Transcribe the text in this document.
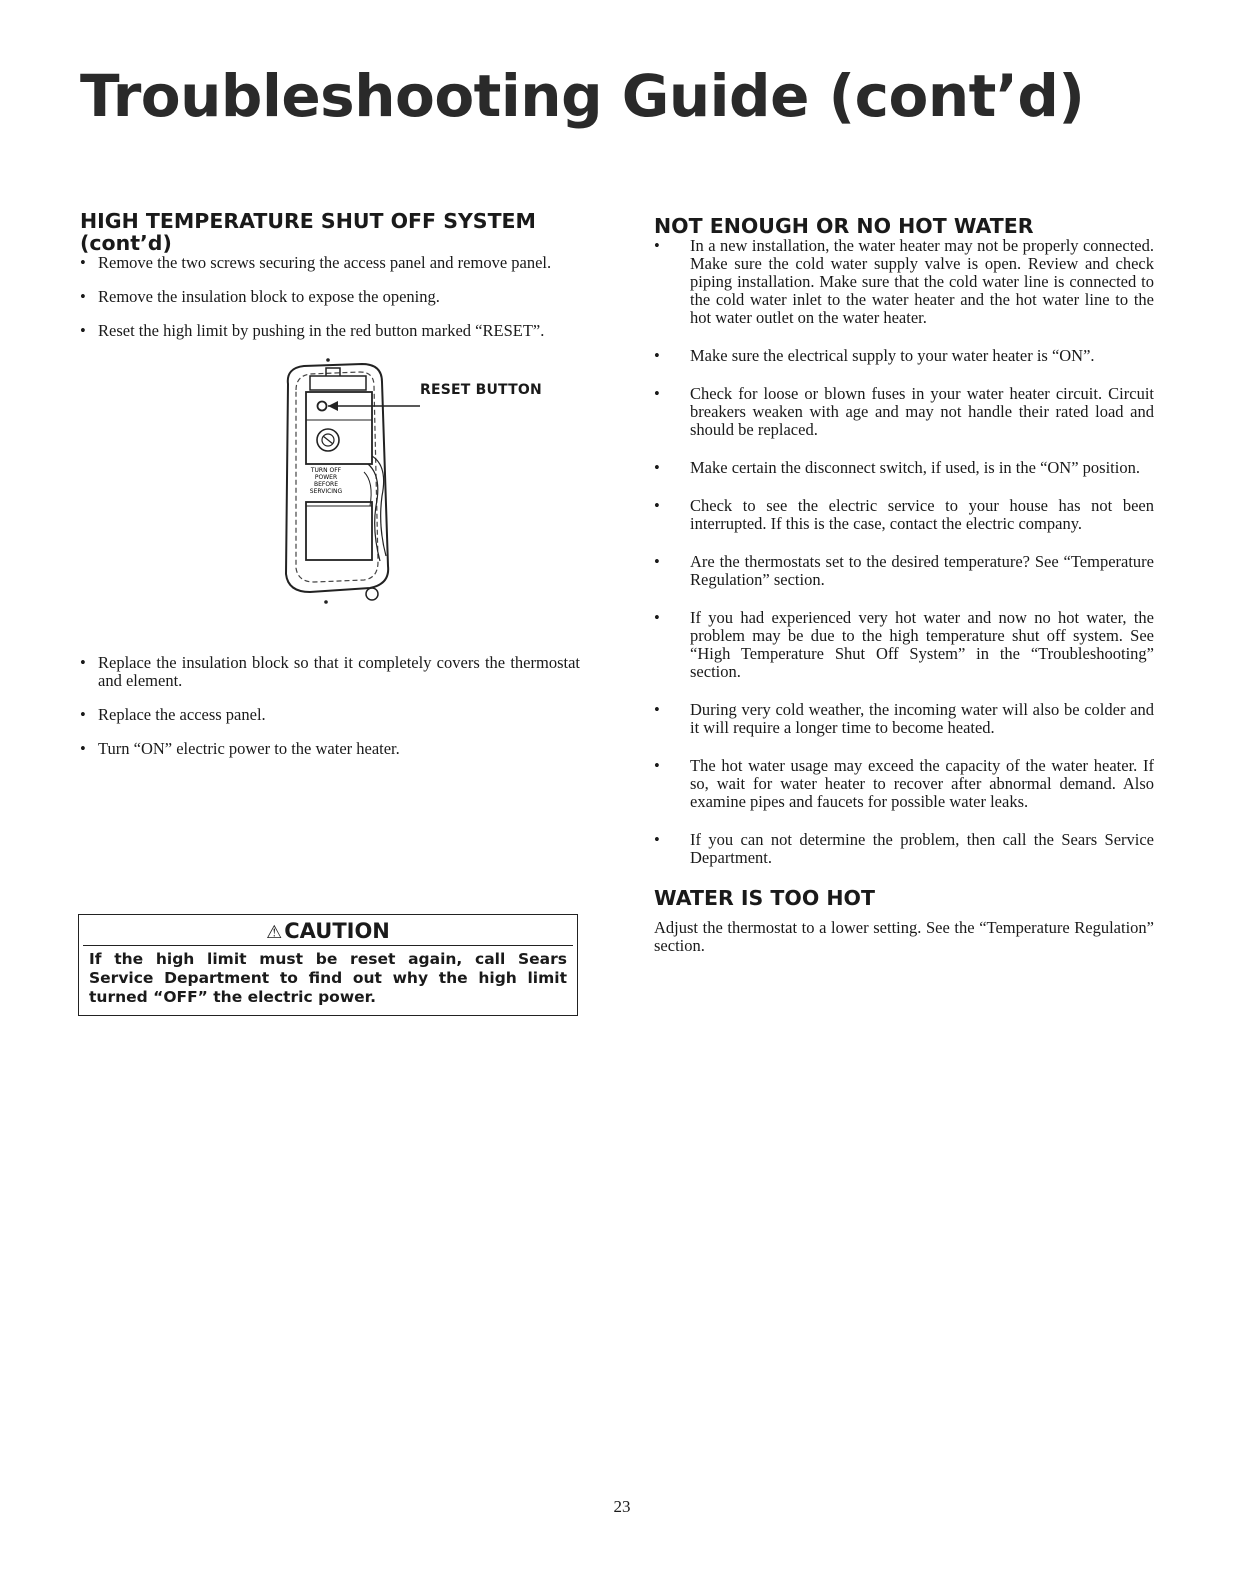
Troubleshooting Guide (cont’d)
HIGH TEMPERATURE SHUT OFF SYSTEM
(cont’d)
• Remove the two screws securing the access panel and remove panel.
• Remove the insulation block to expose the opening.
• Reset the high limit by pushing in the red button marked “RESET”.
TURN OFF
POWER
BEFORE
SERVICING
RESET BUTTON
• Replace the insulation block so that it completely covers the thermostat and element.
• Replace the access panel.
• Turn “ON” electric power to the water heater.
⚠CAUTION
If the high limit must be reset again, call Sears Service Department to find out why the high limit turned “OFF” the electric power.
NOT ENOUGH OR NO HOT WATER
• In a new installation, the water heater may not be properly connected. Make sure the cold water supply valve is open. Review and check piping installation. Make sure that the cold water line is connected to the cold water inlet to the water heater and the hot water line to the hot water outlet on the water heater.
• Make sure the electrical supply to your water heater is “ON”.
• Check for loose or blown fuses in your water heater circuit. Circuit breakers weaken with age and may not handle their rated load and should be replaced.
• Make certain the disconnect switch, if used, is in the “ON” position.
• Check to see the electric service to your house has not been interrupted. If this is the case, contact the electric company.
• Are the thermostats set to the desired temperature? See “Temperature Regulation” section.
• If you had experienced very hot water and now no hot water, the problem may be due to the high temperature shut off system. See “High Temperature Shut Off System” in the “Troubleshooting” section.
• During very cold weather, the incoming water will also be colder and it will require a longer time to become heated.
• The hot water usage may exceed the capacity of the water heater. If so, wait for water heater to recover after abnormal demand. Also examine pipes and faucets for possible water leaks.
• If you can not determine the problem, then call the Sears Service Department.
WATER IS TOO HOT

Adjust the thermostat to a lower setting. See the “Temperature Regulation” section.

23
